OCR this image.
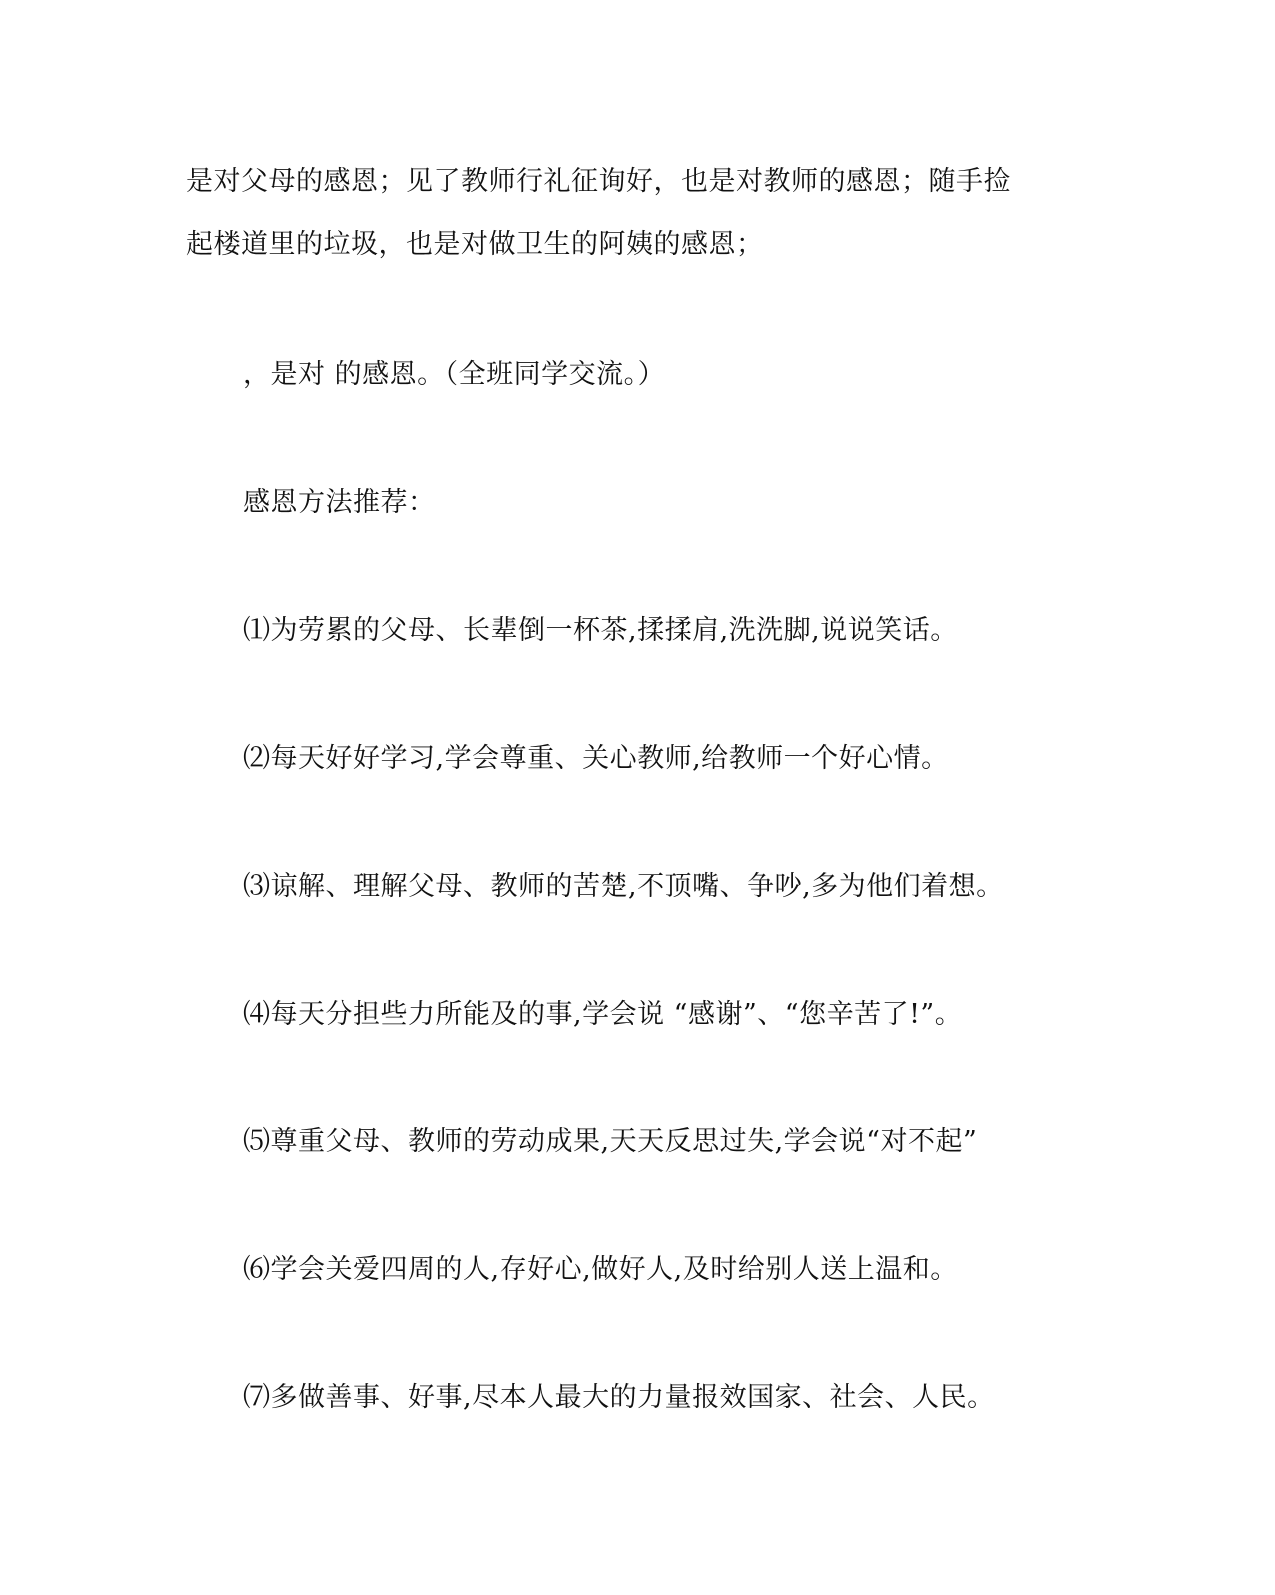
是对父母的感恩；见了教师行礼征询好，也是对教师的感恩；随手捡
起楼道里的垃圾，也是对做卫生的阿姨的感恩；
，是对 的感恩。（全班同学交流。）
感恩方法推荐：
⑴为劳累的父母、长辈倒一杯茶,揉揉肩,洗洗脚,说说笑话。
⑵每天好好学习,学会尊重、关心教师,给教师一个好心情。
⑶谅解、理解父母、教师的苦楚,不顶嘴、争吵,多为他们着想。
⑷每天分担些力所能及的事,学会说 “感谢”、“您辛苦了!”。
⑸尊重父母、教师的劳动成果,天天反思过失,学会说“对不起”
⑹学会关爱四周的人,存好心,做好人,及时给别人送上温和。
⑺多做善事、好事,尽本人最大的力量报效国家、社会、人民。
